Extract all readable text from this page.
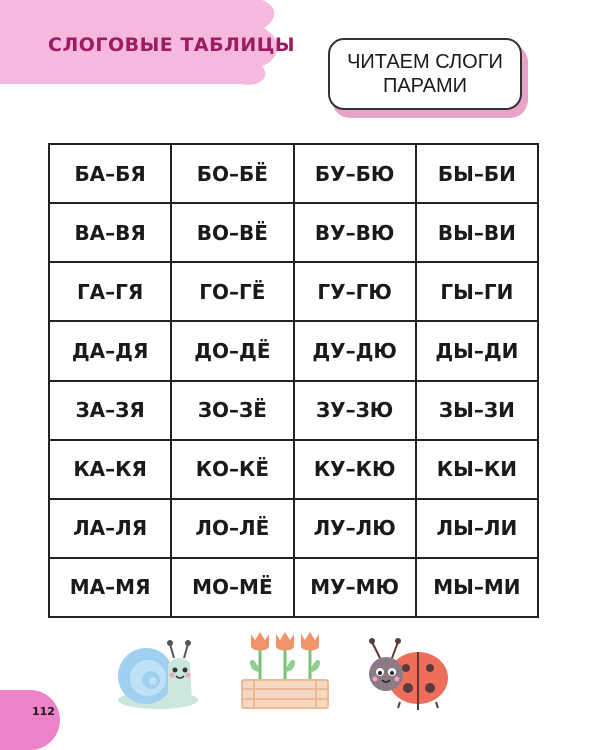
СЛОГОВЫЕ ТАБЛИЦЫ
ЧИТАЕМ СЛОГИ
ПАРАМИ
БА–БЯ	БО–БЁ	БУ–БЮ	БЫ–БИ
ВА–ВЯ	ВО–ВЁ	ВУ–ВЮ	ВЫ–ВИ
ГА–ГЯ	ГО–ГЁ	ГУ–ГЮ	ГЫ–ГИ
ДА–ДЯ	ДО–ДЁ	ДУ–ДЮ	ДЫ–ДИ
ЗА–ЗЯ	ЗО–ЗЁ	ЗУ–ЗЮ	ЗЫ–ЗИ
КА–КЯ	КО–КЁ	КУ–КЮ	КЫ–КИ
ЛА–ЛЯ	ЛО–ЛЁ	ЛУ–ЛЮ	ЛЫ–ЛИ
МА–МЯ	МО–МЁ	МУ–МЮ	МЫ–МИ
112
